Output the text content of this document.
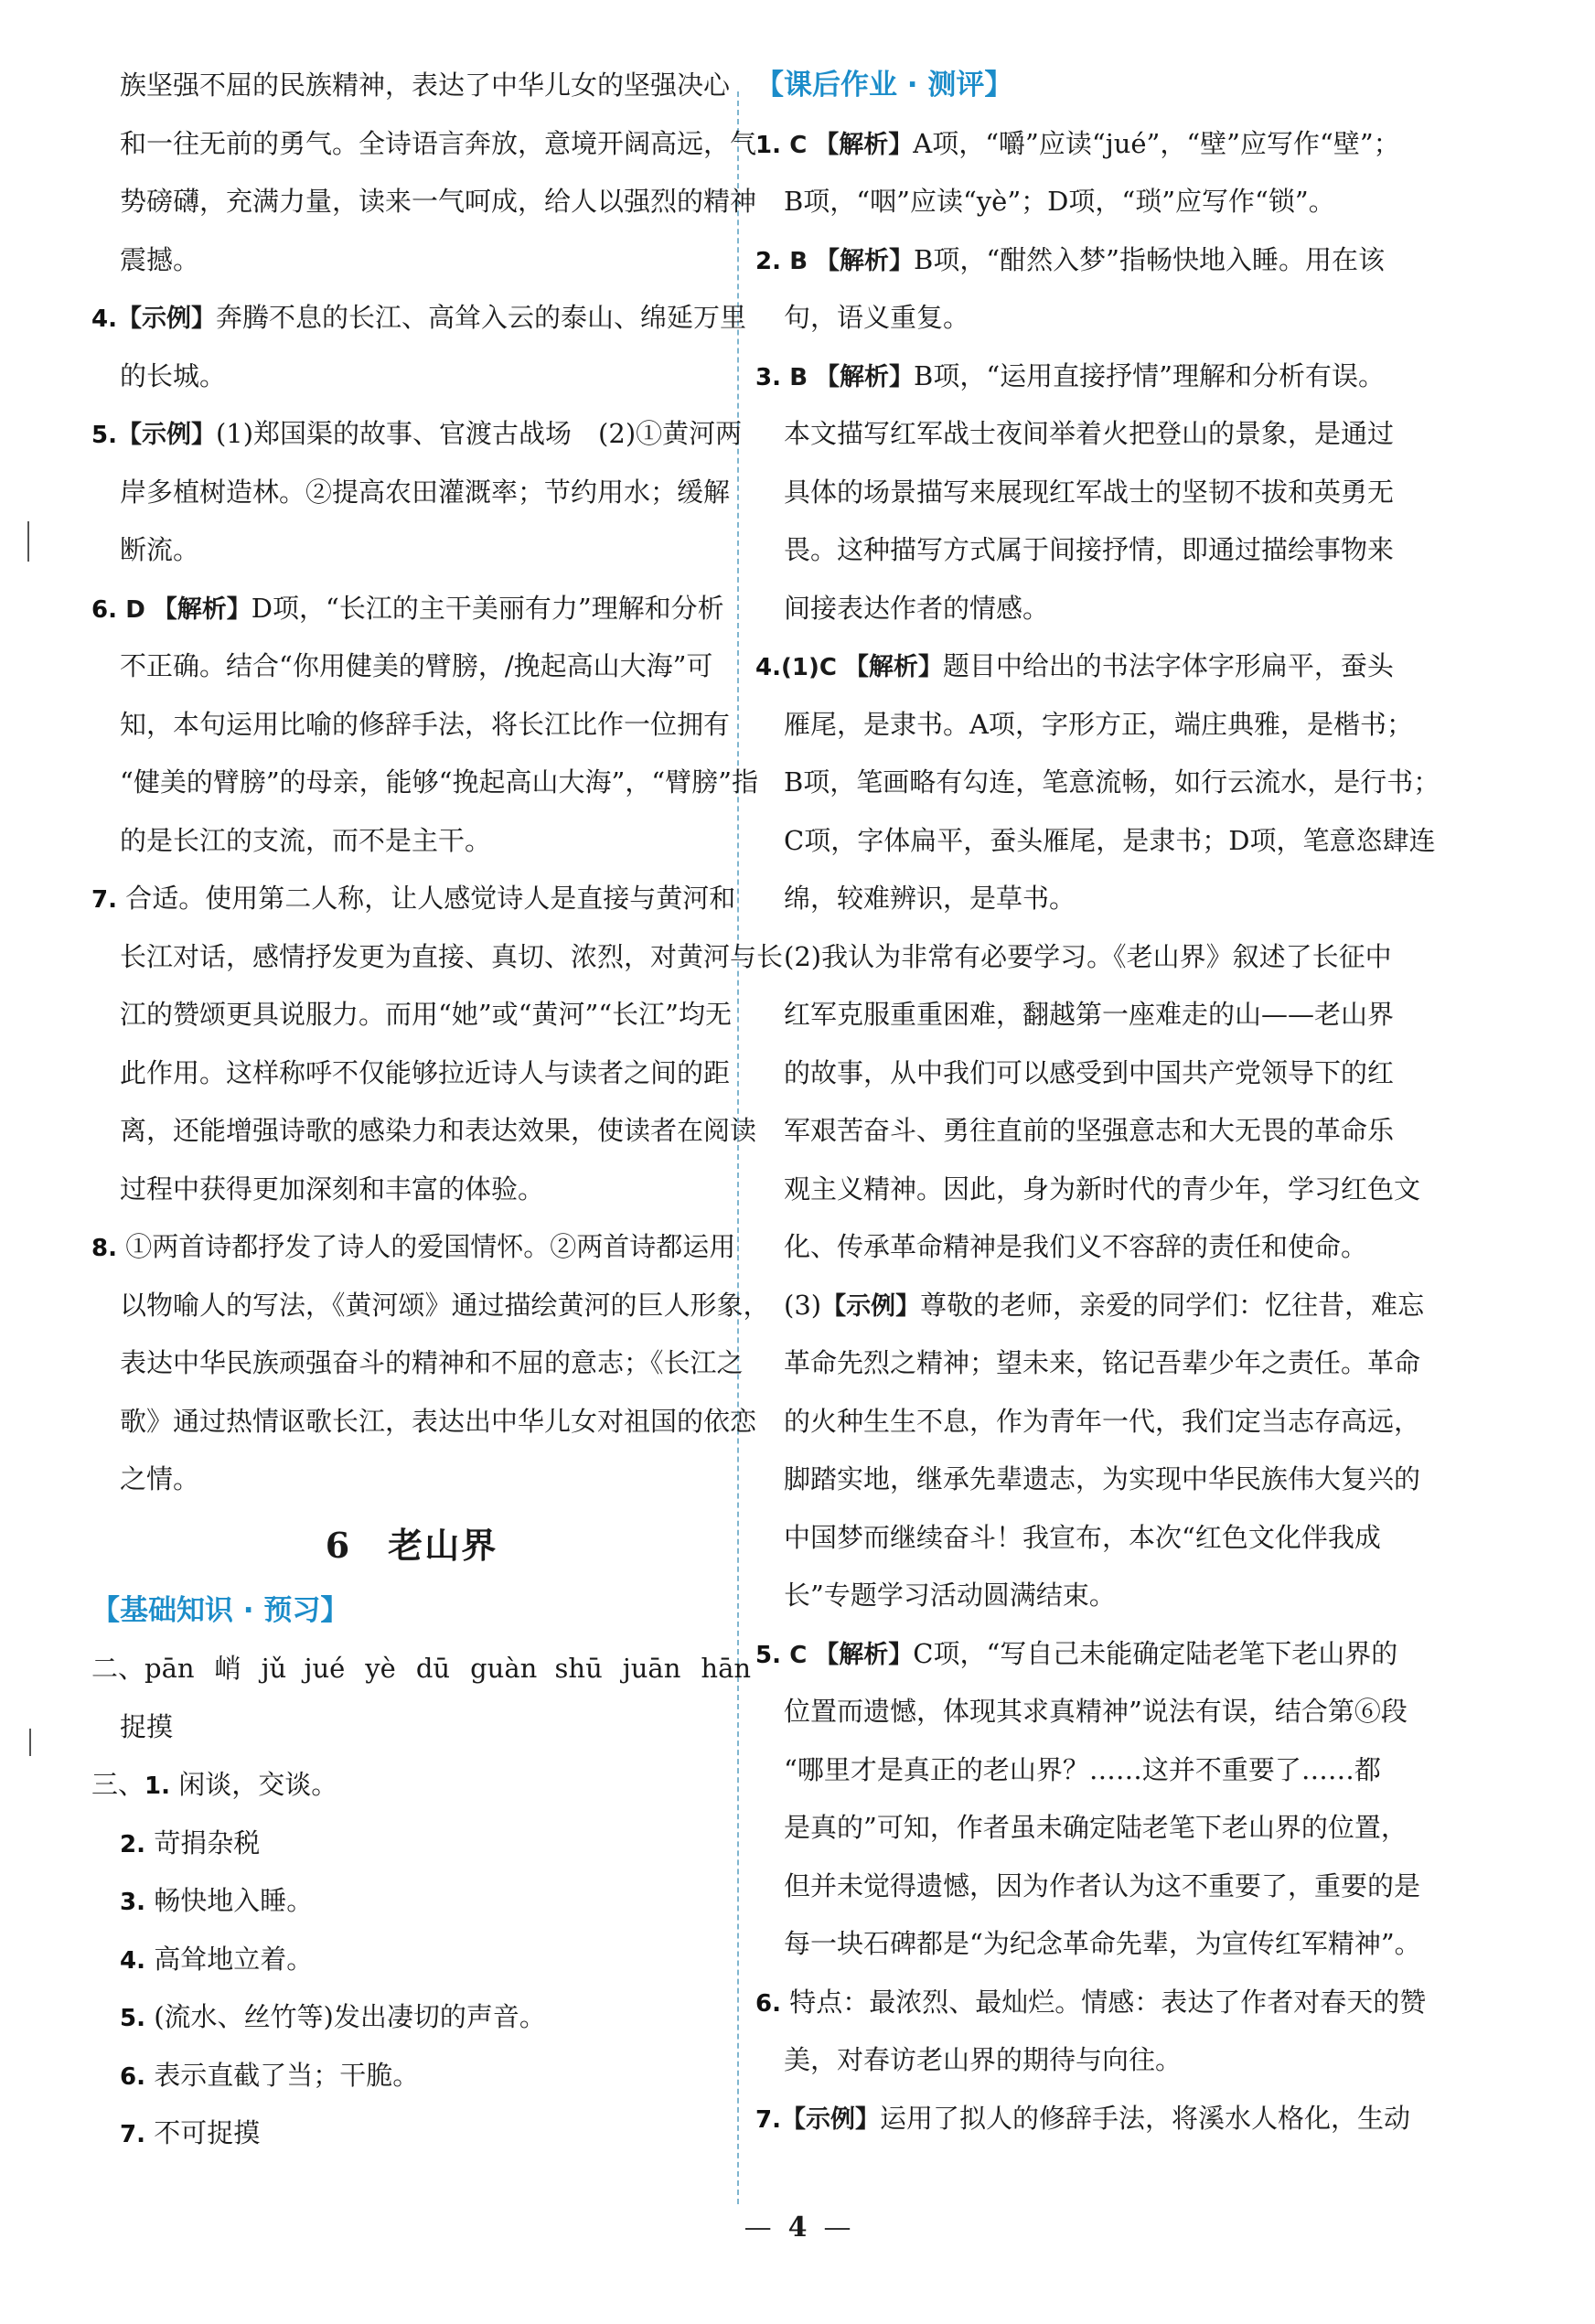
族坚强不屈的民族精神，表达了中华儿女的坚强决心
和一往无前的勇气。全诗语言奔放，意境开阔高远，气
势磅礴，充满力量，读来一气呵成，给人以强烈的精神
震撼。
4.【示例】奔腾不息的长江、高耸入云的泰山、绵延万里
的长城。
5.【示例】(1)郑国渠的故事、官渡古战场　(2)①黄河两
岸多植树造林。②提高农田灌溉率；节约用水；缓解
断流。
6. D 【解析】D项，“长江的主干美丽有力”理解和分析
不正确。结合“你用健美的臂膀，/挽起高山大海”可
知，本句运用比喻的修辞手法，将长江比作一位拥有
“健美的臂膀”的母亲，能够“挽起高山大海”，“臂膀”指
的是长江的支流，而不是主干。
7. 合适。使用第二人称，让人感觉诗人是直接与黄河和
长江对话，感情抒发更为直接、真切、浓烈，对黄河与长
江的赞颂更具说服力。而用“她”或“黄河”“长江”均无
此作用。这样称呼不仅能够拉近诗人与读者之间的距
离，还能增强诗歌的感染力和表达效果，使读者在阅读
过程中获得更加深刻和丰富的体验。
8. ①两首诗都抒发了诗人的爱国情怀。②两首诗都运用
以物喻人的写法，《黄河颂》通过描绘黄河的巨人形象，
表达中华民族顽强奋斗的精神和不屈的意志；《长江之
歌》通过热情讴歌长江，表达出中华儿女对祖国的依恋
之情。
6 老山界
【基础知识 · 预习】
二、pān 峭 jǔ jué yè dū guàn shū juān hān
捉摸
三、1. 闲谈，交谈。
2. 苛捐杂税
3. 畅快地入睡。
4. 高耸地立着。
5. (流水、丝竹等)发出凄切的声音。
6. 表示直截了当；干脆。
7. 不可捉摸
【课后作业 · 测评】
1. C 【解析】A项，“嚼”应读“jué”，“壁”应写作“壁”；
B项，“咽”应读“yè”；D项，“琐”应写作“锁”。
2. B 【解析】B项，“酣然入梦”指畅快地入睡。用在该
句，语义重复。
3. B 【解析】B项，“运用直接抒情”理解和分析有误。
本文描写红军战士夜间举着火把登山的景象，是通过
具体的场景描写来展现红军战士的坚韧不拔和英勇无
畏。这种描写方式属于间接抒情，即通过描绘事物来
间接表达作者的情感。
4.(1)C 【解析】题目中给出的书法字体字形扁平，蚕头
雁尾，是隶书。A项，字形方正，端庄典雅，是楷书；
B项，笔画略有勾连，笔意流畅，如行云流水，是行书；
C项，字体扁平，蚕头雁尾，是隶书；D项，笔意恣肆连
绵，较难辨识，是草书。
(2)我认为非常有必要学习。《老山界》叙述了长征中
红军克服重重困难，翻越第一座难走的山——老山界
的故事，从中我们可以感受到中国共产党领导下的红
军艰苦奋斗、勇往直前的坚强意志和大无畏的革命乐
观主义精神。因此，身为新时代的青少年，学习红色文
化、传承革命精神是我们义不容辞的责任和使命。
(3)【示例】尊敬的老师，亲爱的同学们：忆往昔，难忘
革命先烈之精神；望未来，铭记吾辈少年之责任。革命
的火种生生不息，作为青年一代，我们定当志存高远，
脚踏实地，继承先辈遗志，为实现中华民族伟大复兴的
中国梦而继续奋斗！我宣布，本次“红色文化伴我成
长”专题学习活动圆满结束。
5. C 【解析】C项，“写自己未能确定陆老笔下老山界的
位置而遗憾，体现其求真精神”说法有误，结合第⑥段
“哪里才是真正的老山界？……这并不重要了……都
是真的”可知，作者虽未确定陆老笔下老山界的位置，
但并未觉得遗憾，因为作者认为这不重要了，重要的是
每一块石碑都是“为纪念革命先辈，为宣传红军精神”。
6. 特点：最浓烈、最灿烂。情感：表达了作者对春天的赞
美，对春访老山界的期待与向往。
7.【示例】运用了拟人的修辞手法，将溪水人格化，生动
— 4 —
